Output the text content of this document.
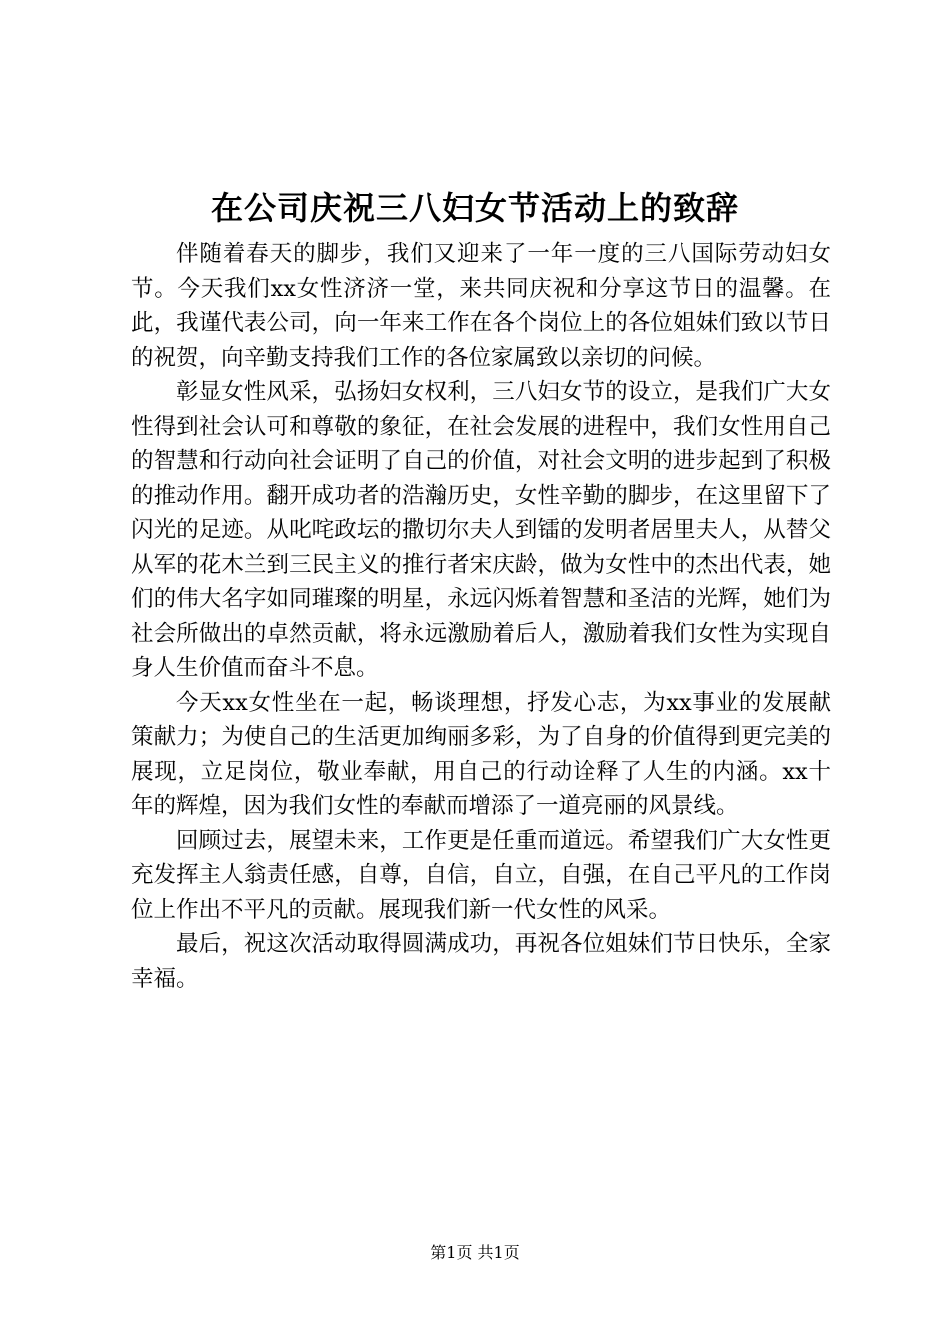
在公司庆祝三八妇女节活动上的致辞

伴随着春天的脚步，我们又迎来了一年一度的三八国际劳动妇女节。今天我们xx女性济济一堂，来共同庆祝和分享这节日的温馨。在此，我谨代表公司，向一年来工作在各个岗位上的各位姐妹们致以节日的祝贺，向辛勤支持我们工作的各位家属致以亲切的问候。

彰显女性风采，弘扬妇女权利，三八妇女节的设立，是我们广大女性得到社会认可和尊敬的象征，在社会发展的进程中，我们女性用自己的智慧和行动向社会证明了自己的价值，对社会文明的进步起到了积极的推动作用。翻开成功者的浩瀚历史，女性辛勤的脚步，在这里留下了闪光的足迹。从叱咤政坛的撒切尔夫人到镭的发明者居里夫人，从替父从军的花木兰到三民主义的推行者宋庆龄，做为女性中的杰出代表，她们的伟大名字如同璀璨的明星，永远闪烁着智慧和圣洁的光辉，她们为社会所做出的卓然贡献，将永远激励着后人，激励着我们女性为实现自身人生价值而奋斗不息。

今天xx女性坐在一起，畅谈理想，抒发心志，为xx事业的发展献策献力；为使自己的生活更加绚丽多彩，为了自身的价值得到更完美的展现，立足岗位，敬业奉献，用自己的行动诠释了人生的内涵。xx十年的辉煌，因为我们女性的奉献而增添了一道亮丽的风景线。

回顾过去，展望未来，工作更是任重而道远。希望我们广大女性更充发挥主人翁责任感，自尊，自信，自立，自强，在自己平凡的工作岗位上作出不平凡的贡献。展现我们新一代女性的风采。

最后，祝这次活动取得圆满成功，再祝各位姐妹们节日快乐，全家幸福。

第1页 共1页
